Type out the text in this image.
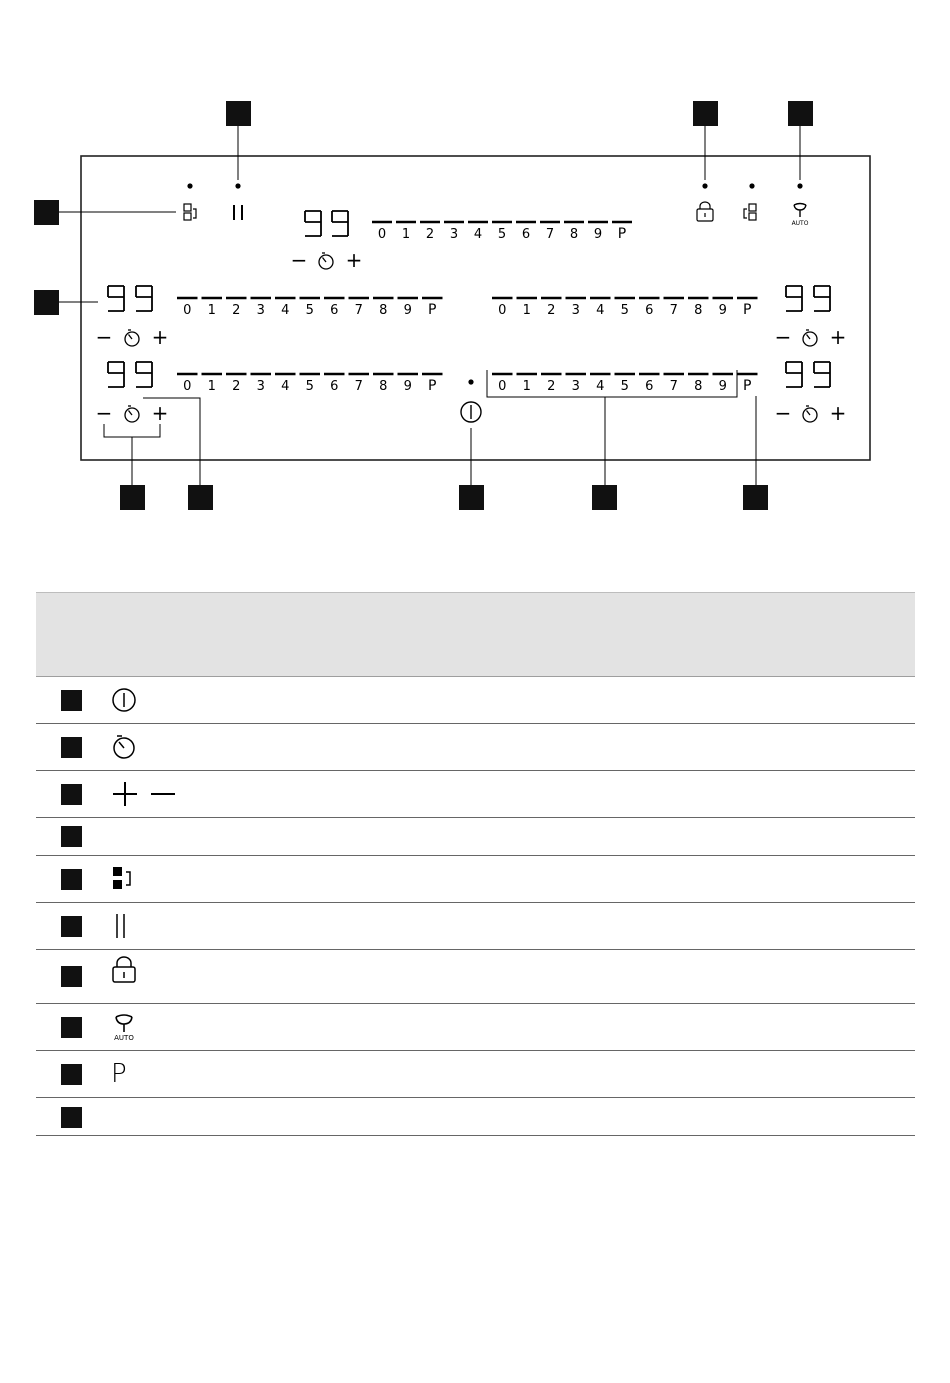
AUTO
− +
− +
− +
− +
− +
0 1 2 3 4 5 6 7 8 9 P
0 1 2 3 4 5 6 7 8 9 P
0 1 2 3 4 5 6 7 8 9 P
0 1 2 3 4 5 6 7 8 9 P
0 1 2 3 4 5 6 7 8 9 P
AUTO
P
